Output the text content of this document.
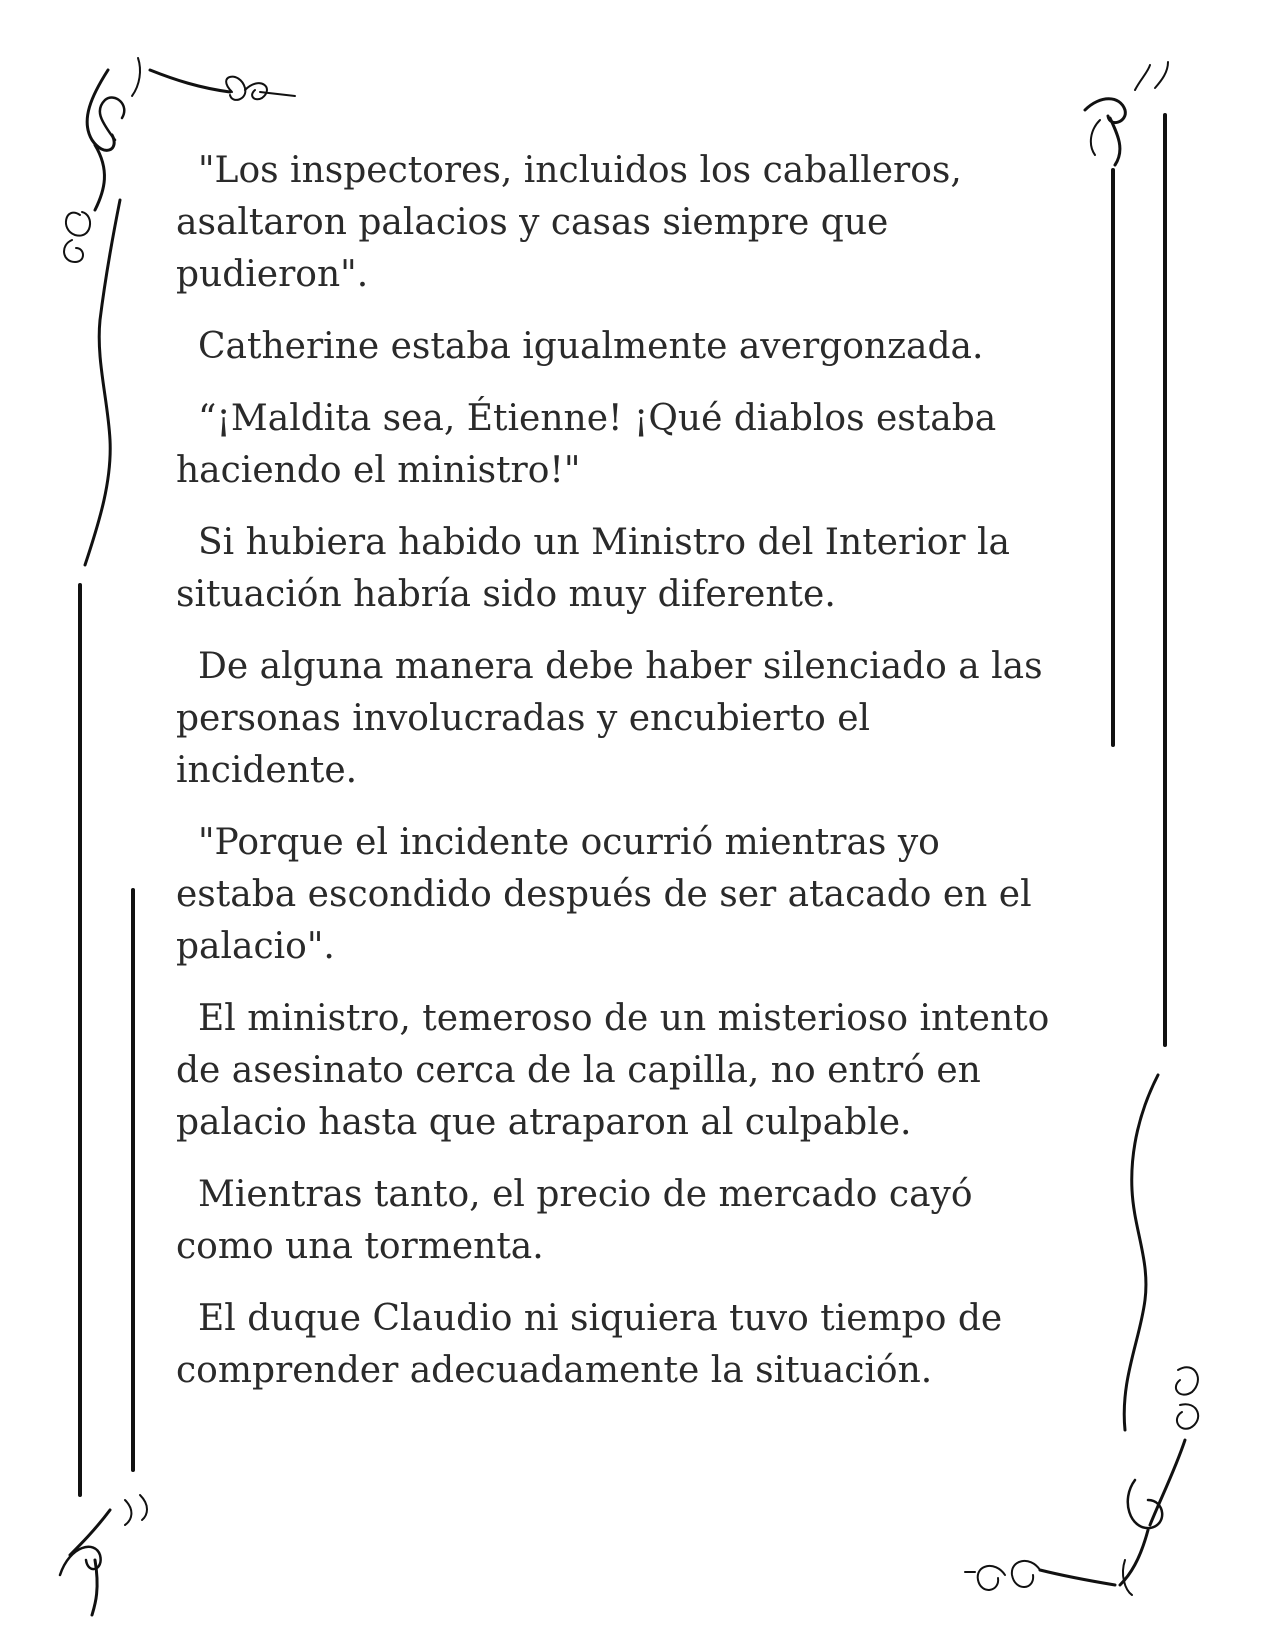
"Los inspectores, incluidos los caballeros,
asaltaron palacios y casas siempre que
pudieron".

Catherine estaba igualmente avergonzada.

“¡Maldita sea, Étienne! ¡Qué diablos estaba
haciendo el ministro!"

Si hubiera habido un Ministro del Interior la
situación habría sido muy diferente.

De alguna manera debe haber silenciado a las
personas involucradas y encubierto el
incidente.

"Porque el incidente ocurrió mientras yo
estaba escondido después de ser atacado en el
palacio".

El ministro, temeroso de un misterioso intento
de asesinato cerca de la capilla, no entró en
palacio hasta que atraparon al culpable.

Mientras tanto, el precio de mercado cayó
como una tormenta.

El duque Claudio ni siquiera tuvo tiempo de
comprender adecuadamente la situación.
